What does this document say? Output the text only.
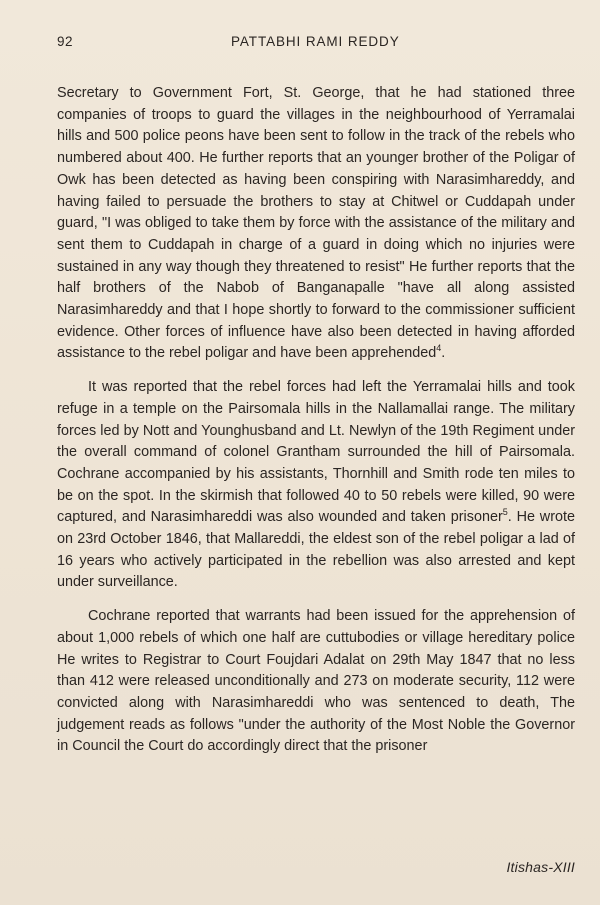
92	PATTABHI RAMI REDDY

Secretary to Government Fort, St. George, that he had stationed three companies of troops to guard the villages in the neighbourhood of Yerramalai hills and 500 police peons have been sent to follow in the track of the rebels who numbered about 400. He further reports that an younger brother of the Poligar of Owk has been detected as having been conspiring with Narasimhareddy, and having failed to persuade the brothers to stay at Chitwel or Cuddapah under guard, "I was obliged to take them by force with the assistance of the military and sent them to Cuddapah in charge of a guard in doing which no injuries were sustained in any way though they threatened to resist" He further reports that the half brothers of the Nabob of Banganapalle "have all along assisted Narasimhareddy and that I hope shortly to forward to the commissioner sufficient evidence. Other forces of influence have also been detected in having afforded assistance to the rebel poligar and have been apprehended$^4$.

It was reported that the rebel forces had left the Yerramalai hills and took refuge in a temple on the Pairsomala hills in the Nallamallai range. The military forces led by Nott and Younghusband and Lt. Newlyn of the 19th Regiment under the overall command of colonel Grantham surrounded the hill of Pairsomala. Cochrane accompanied by his assistants, Thornhill and Smith rode ten miles to be on the spot. In the skirmish that followed 40 to 50 rebels were killed, 90 were captured, and Narasimhareddi was also wounded and taken prisoner$^5$. He wrote on 23rd October 1846, that Mallareddi, the eldest son of the rebel poligar a lad of 16 years who actively participated in the rebellion was also arrested and kept under surveillance.

Cochrane reported that warrants had been issued for the apprehension of about 1,000 rebels of which one half are cuttubodies or village hereditary police He writes to Registrar to Court Foujdari Adalat on 29th May 1847 that no less than 412 were released unconditionally and 273 on moderate security, 112 were convicted along with Narasimhareddi who was sentenced to death, The judgement reads as follows "under the authority of the Most Noble the Governor in Council the Court do accordingly direct that the prisoner

Itishas-XIII
